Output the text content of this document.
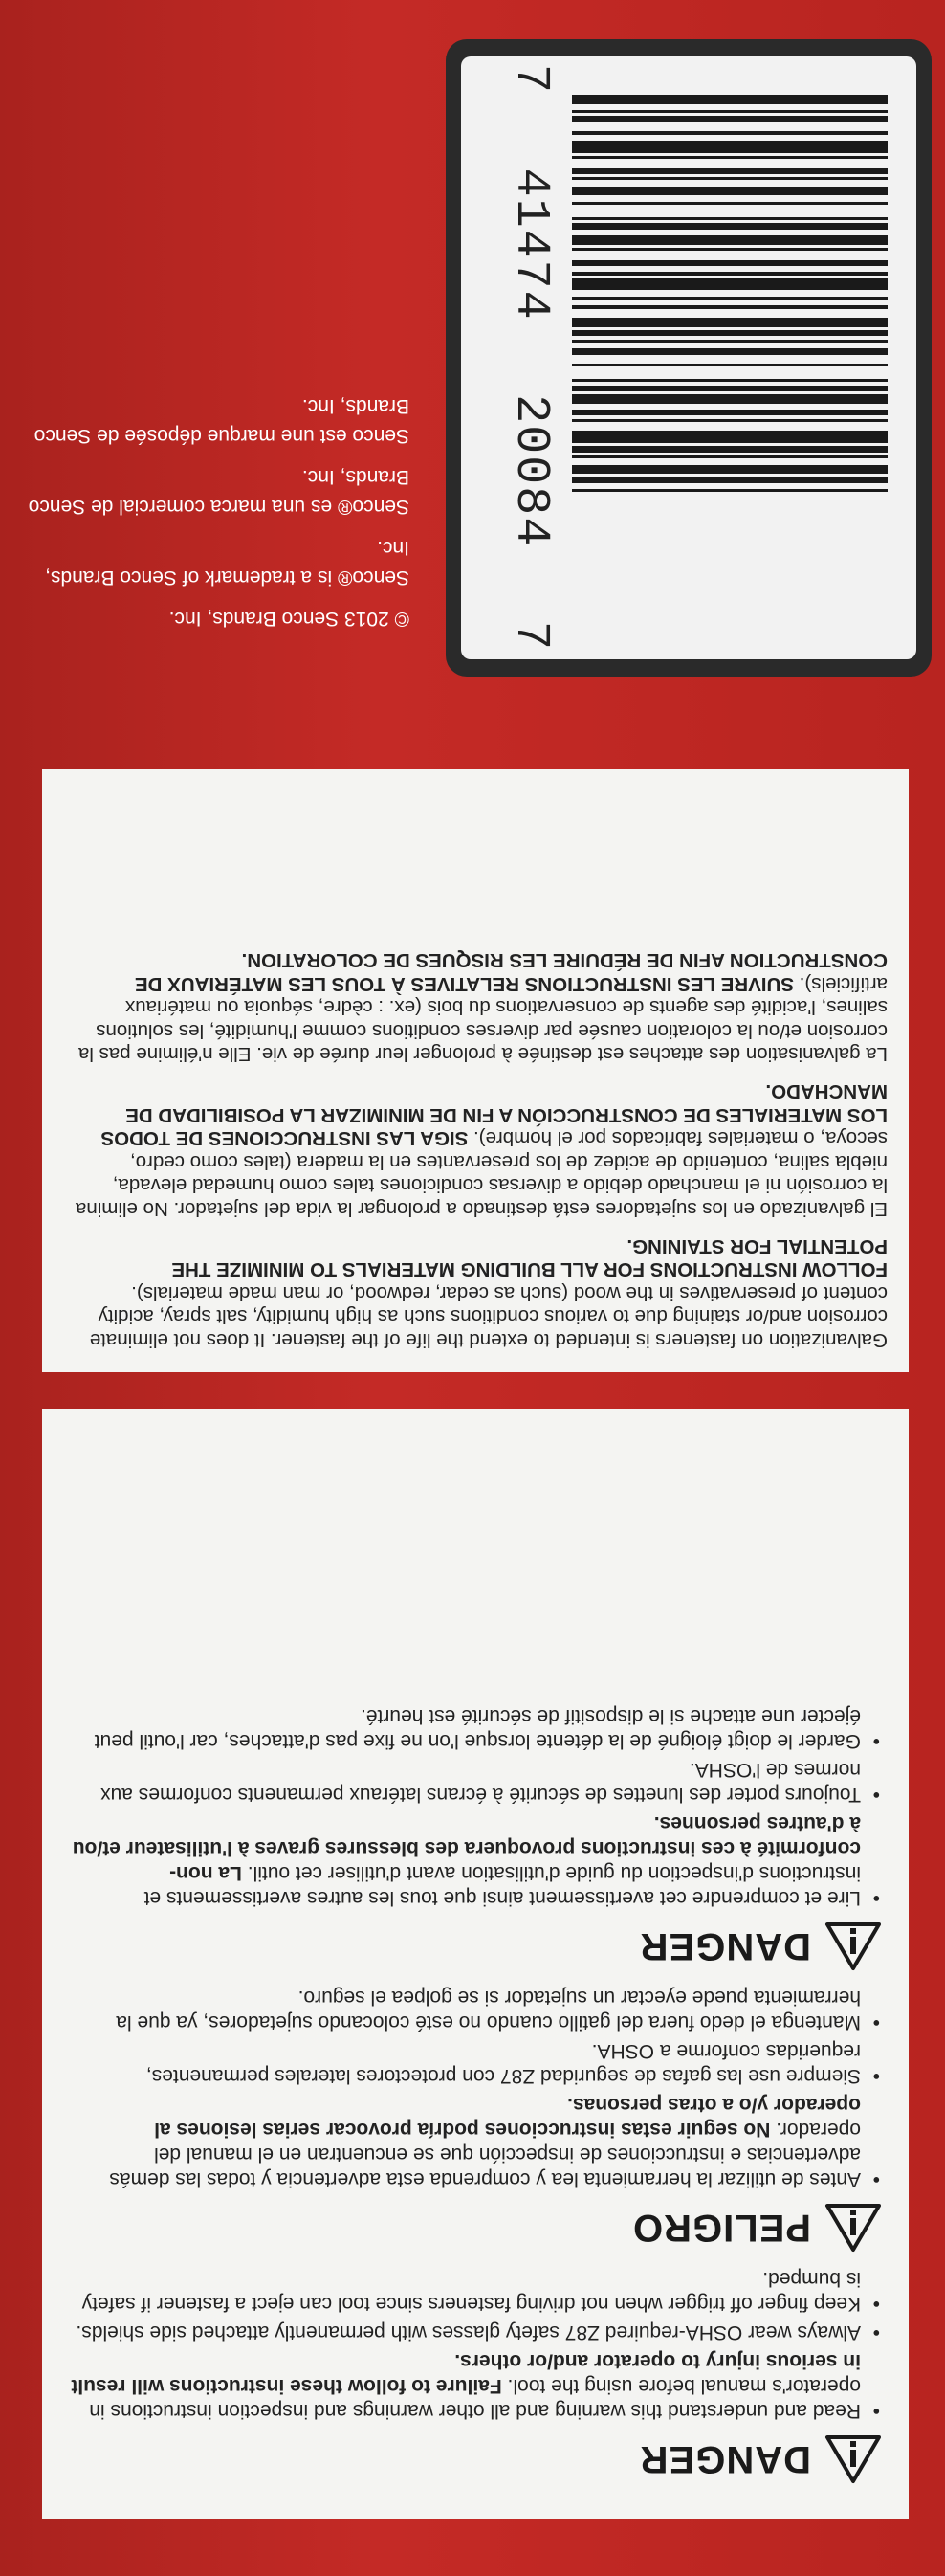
DANGER
• Read and understand this warning and all other warnings and inspection instructions in operator's manual before using the tool. Failure to follow these instructions will result in serious injury to operator and/or others.
• Always wear OSHA-required Z87 safety glasses with permanently attached side shields.
• Keep finger off trigger when not driving fasteners since tool can eject a fastener if safety is bumped.
PELIGRO
• Antes de utilizar la herramienta lea y comprenda esta advertencia y todas las demás advertencias e instrucciones de inspección que se encuentran en el manual del operador. No seguir estas instrucciones podría provocar serias lesiones al operador y/o a otras personas.
• Siempre use las gafas de seguridad Z87 con protectores laterales permanentes, requeridas conforme a OSHA.
• Mantenga el dedo fuera del gatillo cuando no esté colocando sujetadores, ya que la herramienta puede eyectar un sujetador si se golpea el seguro.
DANGER
• Lire et comprendre cet avertissement ainsi que tous les autres avertissements et instructions d'inspection du guide d'utilisation avant d'utiliser cet outil. La non-conformité à ces instructions provoquera des blessures graves à l'utilisateur et/ou à d'autres personnes.
• Toujours porter des lunettes de sécurité à écrans latéraux permanents conformes aux normes de l'OSHA.
• Garder le doigt éloigné de la détente lorsque l'on ne fixe pas d'attaches, car l'outil peut éjecter une attache si le dispositif de sécurité est heurté.

Galvanization on fasteners is intended to extend the life of the fastener. It does not eliminate corrosion and/or staining due to various conditions such as high humidity, salt spray, acidity content of preservatives in the wood (such as cedar, redwood, or man made materials). FOLLOW INSTRUCTIONS FOR ALL BUILDING MATERIALS TO MINIMIZE THE POTENTIAL FOR STAINING.

El galvanizado en los sujetadores está destinado a prolongar la vida del sujetador. No elimina la corrosión ni el manchado debido a diversas condiciones tales como humedad elevada, niebla salina, contenido de acidez de los preservantes en la madera (tales como cedro, secoya, o materiales fabricados por el hombre). SIGA LAS INSTRUCCIONES DE TODOS LOS MATERIALES DE CONSTRUCCIÓN A FIN DE MINIMIZAR LA POSIBILIDAD DE MANCHADO.

La galvanisation des attaches est destinée à prolonger leur durée de vie. Elle n'élimine pas la corrosion et/ou la coloration causée par diverses conditions comme l'humidité, les solutions salines, l'acidité des agents de conservations du bois (ex. : cèdre, séquoia ou matériaux artificiels). SUIVRE LES INSTRUCTIONS RELATIVES À TOUS LES MATÉRIAUX DE CONSTRUCTION AFIN DE RÉDUIRE LES RISQUES DE COLORATION.

© 2013 Senco Brands, Inc.

Senco® is a trademark of Senco Brands, Inc.

Senco® es una marca comercial de Senco Brands, Inc.

Senco est une marque déposée de Senco Brands, Inc.

7
41474
20084
7
